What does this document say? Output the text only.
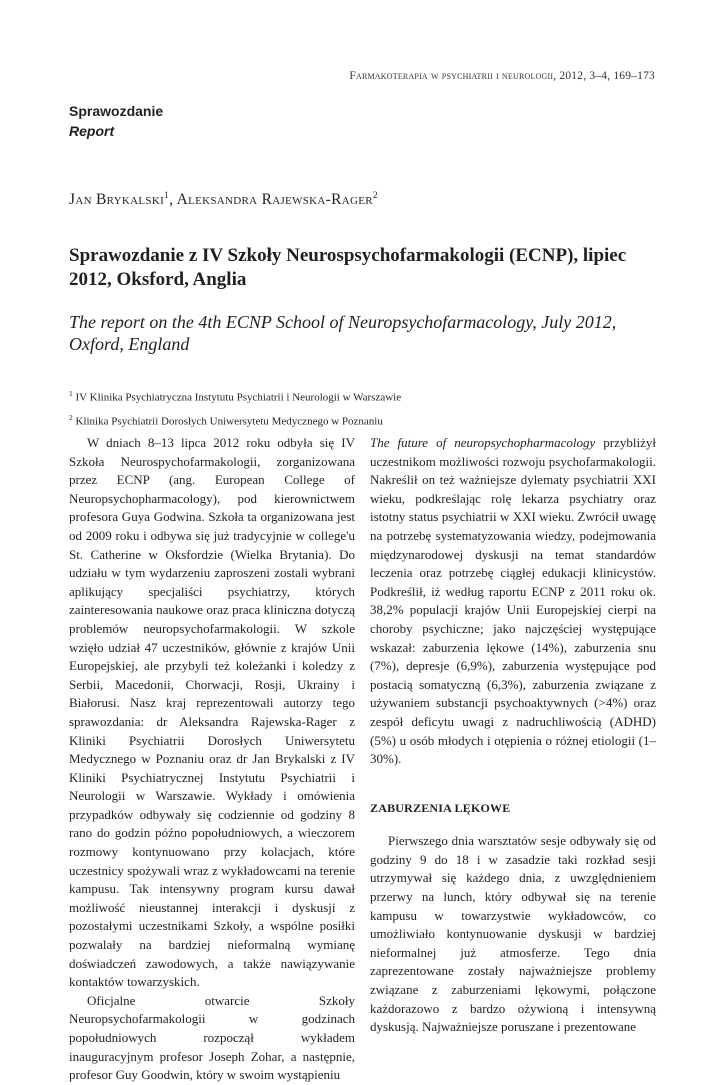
Farmakoterapia w psychiatrii i neurologii, 2012, 3–4, 169–173
Sprawozdanie
Report
Jan Brykalski$^1$, Aleksandra Rajewska-Rager$^2$
Sprawozdanie z IV Szkoły Neurospsychofarmakologii (ECNP), lipiec 2012, Oksford, Anglia
The report on the 4th ECNP School of Neuropsychofarmacology, July 2012, Oxford, England
$^1$ IV Klinika Psychiatryczna Instytutu Psychiatrii i Neurologii w Warszawie
$^2$ Klinika Psychiatrii Dorosłych Uniwersytetu Medycznego w Poznaniu

W dniach 8–13 lipca 2012 roku odbyła się IV Szkoła Neurospychofarmakologii, zorganizowana przez ECNP (ang. European College of Neuropsychopharmacology), pod kierownictwem profesora Guya Godwina. Szkoła ta organizowana jest od 2009 roku i odbywa się już tradycyjnie w college'u St. Catherine w Oksfordzie (Wielka Brytania). Do udziału w tym wydarzeniu zaproszeni zostali wybrani aplikujący specjaliści psychiatrzy, których zainteresowania naukowe oraz praca kliniczna dotyczą problemów neuropsychofarmakologii. W szkole wzięło udział 47 uczestników, głównie z krajów Unii Europejskiej, ale przybyli też koleżanki i koledzy z Serbii, Macedonii, Chorwacji, Rosji, Ukrainy i Białorusi. Nasz kraj reprezentowali autorzy tego sprawozdania: dr Aleksandra Rajewska-Rager z Kliniki Psychiatrii Dorosłych Uniwersytetu Medycznego w Poznaniu oraz dr Jan Brykalski z IV Kliniki Psychiatrycznej Instytutu Psychiatrii i Neurologii w Warszawie. Wykłady i omówienia przypadków odbywały się codziennie od godziny 8 rano do godzin późno popołudniowych, a wieczorem rozmowy kontynuowano przy kolacjach, które uczestnicy spożywali wraz z wykładowcami na terenie kampusu. Tak intensywny program kursu dawał możliwość nieustannej interakcji i dyskusji z pozostałymi uczestnikami Szkoły, a wspólne posiłki pozwalały na bardziej nieformalną wymianę doświadczeń zawodowych, a także nawiązywanie kontaktów towarzyskich.

Oficjalne otwarcie Szkoły Neuropsychofarmakologii w godzinach popołudniowych rozpoczął wykładem inauguracyjnym profesor Joseph Zohar, a następnie, profesor Guy Goodwin, który w swoim wystąpieniu

The future of neuropsychopharmacology przybliżył uczestnikom możliwości rozwoju psychofarmakologii. Nakreślił on też ważniejsze dylematy psychiatrii XXI wieku, podkreślając rolę lekarza psychiatry oraz istotny status psychiatrii w XXI wieku. Zwrócił uwagę na potrzebę systematyzowania wiedzy, podejmowania międzynarodowej dyskusji na temat standardów leczenia oraz potrzebę ciągłej edukacji klinicystów. Podkreślił, iż według raportu ECNP z 2011 roku ok. 38,2% populacji krajów Unii Europejskiej cierpi na choroby psychiczne; jako najczęściej występujące wskazał: zaburzenia lękowe (14%), zaburzenia snu (7%), depresje (6,9%), zaburzenia występujące pod postacią somatyczną (6,3%), zaburzenia związane z używaniem substancji psychoaktywnych (>4%) oraz zespół deficytu uwagi z nadruchliwością (ADHD) (5%) u osób młodych i otępienia o różnej etiologii (1–30%).

ZABURZENIA LĘKOWE

Pierwszego dnia warsztatów sesje odbywały się od godziny 9 do 18 i w zasadzie taki rozkład sesji utrzymywał się każdego dnia, z uwzględnieniem przerwy na lunch, który odbywał się na terenie kampusu w towarzystwie wykładowców, co umożliwiało kontynuowanie dyskusji w bardziej nieformalnej już atmosferze. Tego dnia zaprezentowane zostały najważniejsze problemy związane z zaburzeniami lękowymi, połączone każdorazowo z bardzo ożywioną i intensywną dyskusją. Najważniejsze poruszane i prezentowane
